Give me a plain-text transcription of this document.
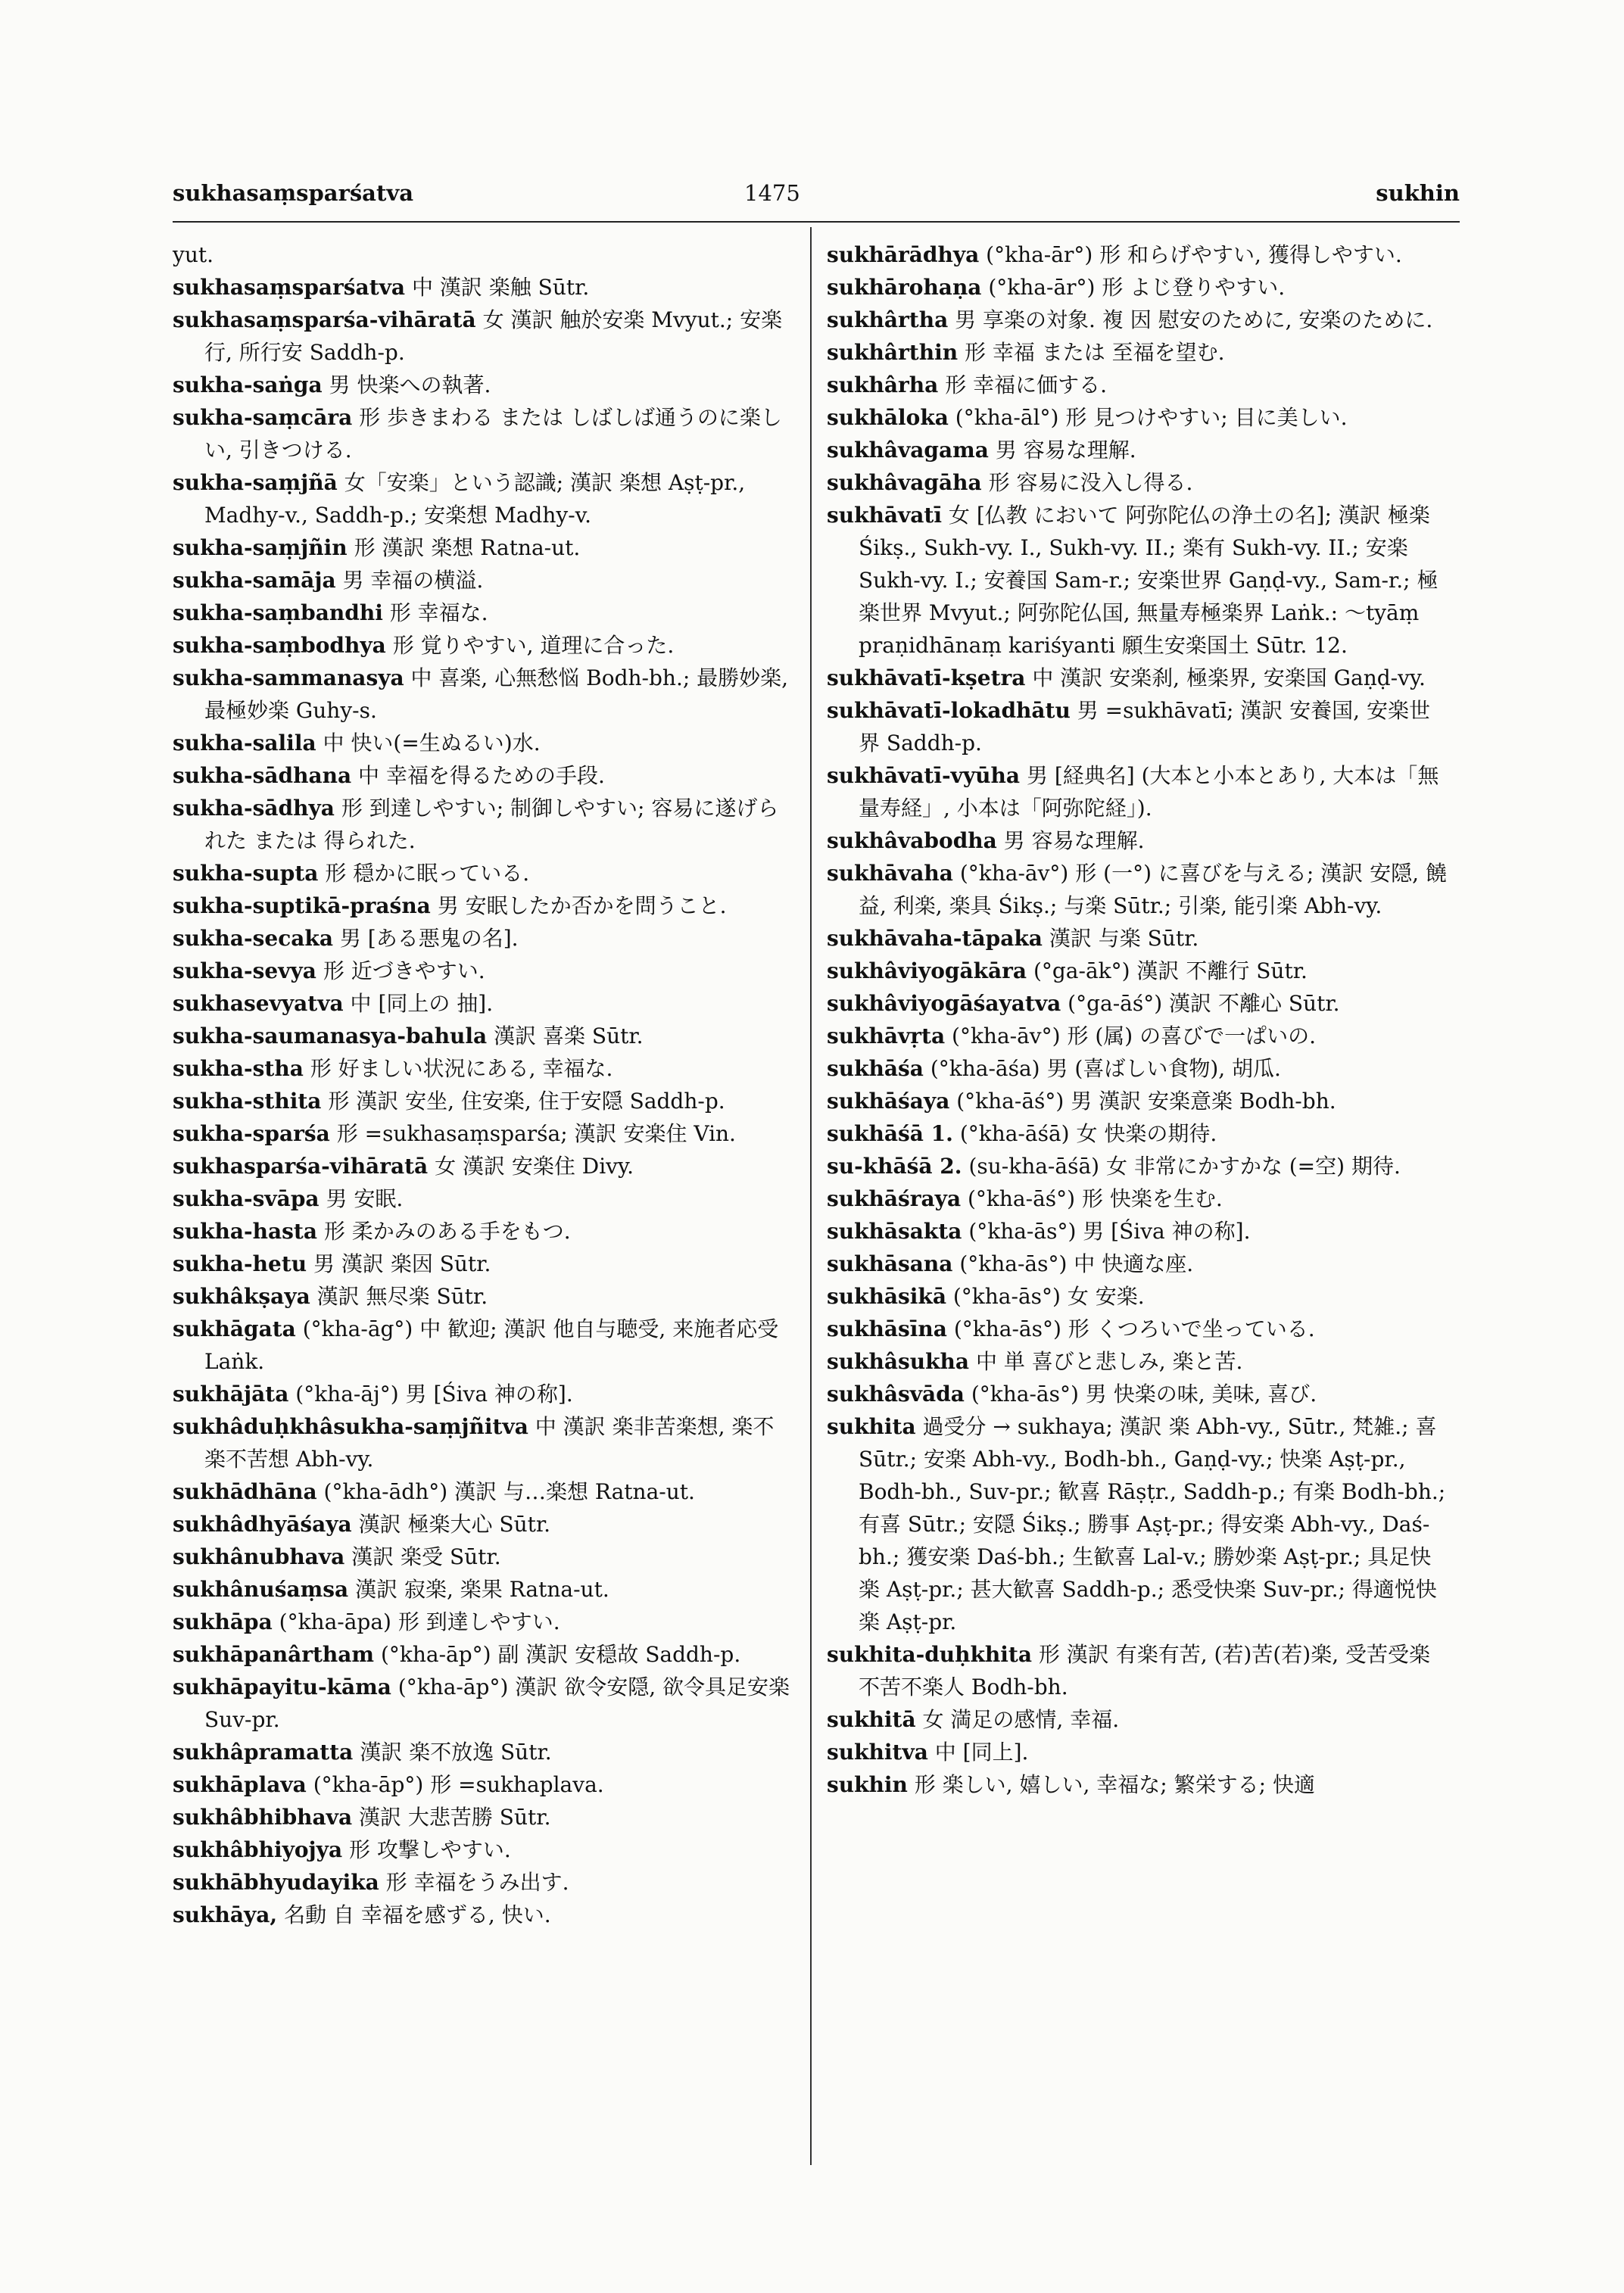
sukhasaṃsparśatva	1475	sukhin

yut.

sukhasaṃsparśatva 中 漢訳 楽触 Sūtr.

sukhasaṃsparśa-vihāratā 女 漢訳 触於安楽 Mvyut.; 安楽行, 所行安 Saddh-p.

sukha-saṅga 男 快楽への執著.

sukha-saṃcāra 形 歩きまわる または しばしば通うのに楽しい, 引きつける.

sukha-saṃjñā 女「安楽」という認識; 漢訳 楽想 Aṣṭ-pr., Madhy-v., Saddh-p.; 安楽想 Madhy-v.

sukha-saṃjñin 形 漢訳 楽想 Ratna-ut.

sukha-samāja 男 幸福の横溢.

sukha-saṃbandhi 形 幸福な.

sukha-saṃbodhya 形 覚りやすい, 道理に合った.

sukha-sammanasya 中 喜楽, 心無愁悩 Bodh-bh.; 最勝妙楽, 最極妙楽 Guhy-s.

sukha-salila 中 快い(=生ぬるい)水.

sukha-sādhana 中 幸福を得るための手段.

sukha-sādhya 形 到達しやすい; 制御しやすい; 容易に遂げられた または 得られた.

sukha-supta 形 穏かに眠っている.

sukha-suptikā-praśna 男 安眠したか否かを問うこと.

sukha-secaka 男 [ある悪鬼の名].

sukha-sevya 形 近づきやすい.

sukhasevyatva 中 [同上の 抽].

sukha-saumanasya-bahula 漢訳 喜楽 Sūtr.

sukha-stha 形 好ましい状況にある, 幸福な.

sukha-sthita 形 漢訳 安坐, 住安楽, 住于安隠 Saddh-p.

sukha-sparśa 形 =sukhasaṃsparśa; 漢訳 安楽住 Vin.

sukhasparśa-vihāratā 女 漢訳 安楽住 Divy.

sukha-svāpa 男 安眠.

sukha-hasta 形 柔かみのある手をもつ.

sukha-hetu 男 漢訳 楽因 Sūtr.

sukhâkṣaya 漢訳 無尽楽 Sūtr.

sukhāgata (°kha-āg°) 中 歓迎; 漢訳 他自与聴受, 来施者応受 Laṅk.

sukhājāta (°kha-āj°) 男 [Śiva 神の称].

sukhâduḥkhâsukha-saṃjñitva 中 漢訳 楽非苦楽想, 楽不楽不苦想 Abh-vy.

sukhādhāna (°kha-ādh°) 漢訳 与…楽想 Ratna-ut.

sukhâdhyāśaya 漢訳 極楽大心 Sūtr.

sukhânubhava 漢訳 楽受 Sūtr.

sukhânuśaṃsa 漢訳 寂楽, 楽果 Ratna-ut.

sukhāpa (°kha-āpa) 形 到達しやすい.

sukhāpanârtham (°kha-āp°) 副 漢訳 安穏故 Saddh-p.

sukhāpayitu-kāma (°kha-āp°) 漢訳 欲令安隠, 欲令具足安楽 Suv-pr.

sukhâpramatta 漢訳 楽不放逸 Sūtr.

sukhāplava (°kha-āp°) 形 =sukhaplava.

sukhâbhibhava 漢訳 大悲苦勝 Sūtr.

sukhâbhiyojya 形 攻撃しやすい.

sukhābhyudayika 形 幸福をうみ出す.

sukhāya, 名動 自 幸福を感ずる, 快い.

sukhārādhya (°kha-ār°) 形 和らげやすい, 獲得しやすい.

sukhārohaṇa (°kha-ār°) 形 よじ登りやすい.

sukhârtha 男 享楽の対象. 複 因 慰安のために, 安楽のために.

sukhârthin 形 幸福 または 至福を望む.

sukhârha 形 幸福に価する.

sukhāloka (°kha-āl°) 形 見つけやすい; 目に美しい.

sukhâvagama 男 容易な理解.

sukhâvagāha 形 容易に没入し得る.

sukhāvatī 女 [仏教 において 阿弥陀仏の浄土の名]; 漢訳 極楽 Śikṣ., Sukh-vy. I., Sukh-vy. II.; 楽有 Sukh-vy. II.; 安楽 Sukh-vy. I.; 安養国 Sam-r.; 安楽世界 Gaṇḍ-vy., Sam-r.; 極楽世界 Mvyut.; 阿弥陀仏国, 無量寿極楽界 Laṅk.: ～tyāṃ praṇidhānaṃ kariśyanti 願生安楽国土 Sūtr. 12.

sukhāvatī-kṣetra 中 漢訳 安楽刹, 極楽界, 安楽国 Gaṇḍ-vy.

sukhāvatī-lokadhātu 男 =sukhāvatī; 漢訳 安養国, 安楽世界 Saddh-p.

sukhāvatī-vyūha 男 [経典名] (大本と小本とあり, 大本は「無量寿経」, 小本は「阿弥陀経」).

sukhâvabodha 男 容易な理解.

sukhāvaha (°kha-āv°) 形 (一°) に喜びを与える; 漢訳 安隠, 饒益, 利楽, 楽具 Śikṣ.; 与楽 Sūtr.; 引楽, 能引楽 Abh-vy.

sukhāvaha-tāpaka 漢訳 与楽 Sūtr.

sukhâviyogākāra (°ga-āk°) 漢訳 不離行 Sūtr.

sukhâviyogāśayatva (°ga-āś°) 漢訳 不離心 Sūtr.

sukhāvṛta (°kha-āv°) 形 (属) の喜びで一ぱいの.

sukhāśa (°kha-āśa) 男 (喜ばしい食物), 胡瓜.

sukhāśaya (°kha-āś°) 男 漢訳 安楽意楽 Bodh-bh.

sukhāśā 1. (°kha-āśā) 女 快楽の期待.

su-khāśā 2. (su-kha-āśā) 女 非常にかすかな (=空) 期待.

sukhāśraya (°kha-āś°) 形 快楽を生む.

sukhāsakta (°kha-ās°) 男 [Śiva 神の称].

sukhāsana (°kha-ās°) 中 快適な座.

sukhāsikā (°kha-ās°) 女 安楽.

sukhāsīna (°kha-ās°) 形 くつろいで坐っている.

sukhâsukha 中 単 喜びと悲しみ, 楽と苦.

sukhâsvāda (°kha-ās°) 男 快楽の味, 美味, 喜び.

sukhita 過受分 → sukhaya; 漢訳 楽 Abh-vy., Sūtr., 梵雑.; 喜 Sūtr.; 安楽 Abh-vy., Bodh-bh., Gaṇḍ-vy.; 快楽 Aṣṭ-pr., Bodh-bh., Suv-pr.; 歓喜 Rāṣṭr., Saddh-p.; 有楽 Bodh-bh.; 有喜 Sūtr.; 安隠 Śikṣ.; 勝事 Aṣṭ-pr.; 得安楽 Abh-vy., Daś-bh.; 獲安楽 Daś-bh.; 生歓喜 Lal-v.; 勝妙楽 Aṣṭ-pr.; 具足快楽 Aṣṭ-pr.; 甚大歓喜 Saddh-p.; 悉受快楽 Suv-pr.; 得適悦快楽 Aṣṭ-pr.

sukhita-duḥkhita 形 漢訳 有楽有苦, (若)苦(若)楽, 受苦受楽不苦不楽人 Bodh-bh.

sukhitā 女 満足の感情, 幸福.

sukhitva 中 [同上].

sukhin 形 楽しい, 嬉しい, 幸福な; 繁栄する; 快適
